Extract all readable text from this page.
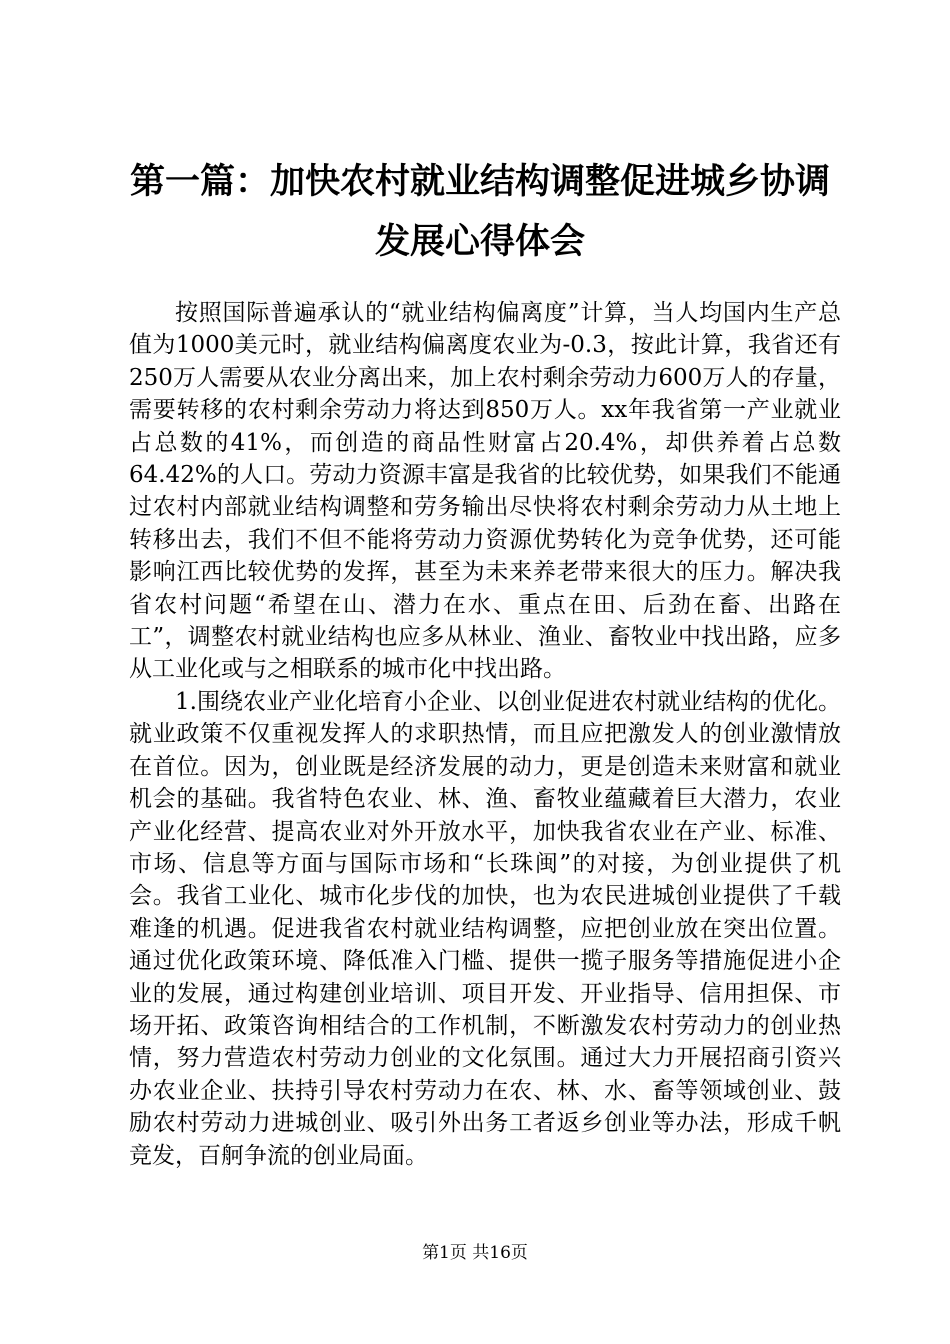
第一篇：加快农村就业结构调整促进城乡协调
发展心得体会

按照国际普遍承认的“就业结构偏离度”计算，当人均国内生产总值为1000美元时，就业结构偏离度农业为-0.3，按此计算，我省还有250万人需要从农业分离出来，加上农村剩余劳动力600万人的存量，需要转移的农村剩余劳动力将达到850万人。xx年我省第一产业就业占总数的41%，而创造的商品性财富占20.4%，却供养着占总数64.42%的人口。劳动力资源丰富是我省的比较优势，如果我们不能通过农村内部就业结构调整和劳务输出尽快将农村剩余劳动力从土地上转移出去，我们不但不能将劳动力资源优势转化为竞争优势，还可能影响江西比较优势的发挥，甚至为未来养老带来很大的压力。解决我省农村问题“希望在山、潜力在水、重点在田、后劲在畜、出路在工”，调整农村就业结构也应多从林业、渔业、畜牧业中找出路，应多从工业化或与之相联系的城市化中找出路。

1.围绕农业产业化培育小企业、以创业促进农村就业结构的优化。就业政策不仅重视发挥人的求职热情，而且应把激发人的创业激情放在首位。因为，创业既是经济发展的动力，更是创造未来财富和就业机会的基础。我省特色农业、林、渔、畜牧业蕴藏着巨大潜力，农业产业化经营、提高农业对外开放水平，加快我省农业在产业、标准、市场、信息等方面与国际市场和“长珠闽”的对接，为创业提供了机会。我省工业化、城市化步伐的加快，也为农民进城创业提供了千载难逢的机遇。促进我省农村就业结构调整，应把创业放在突出位置。通过优化政策环境、降低准入门槛、提供一揽子服务等措施促进小企业的发展，通过构建创业培训、项目开发、开业指导、信用担保、市场开拓、政策咨询相结合的工作机制，不断激发农村劳动力的创业热情，努力营造农村劳动力创业的文化氛围。通过大力开展招商引资兴办农业企业、扶持引导农村劳动力在农、林、水、畜等领域创业、鼓励农村劳动力进城创业、吸引外出务工者返乡创业等办法，形成千帆竞发，百舸争流的创业局面。

第1页 共16页
